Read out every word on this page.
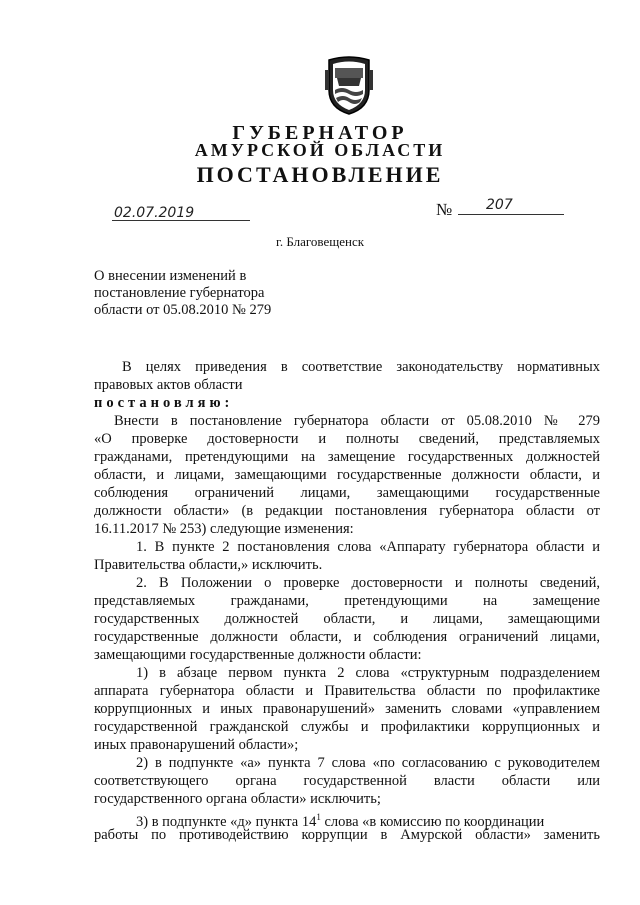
ГУБЕРНАТОР
АМУРСКОЙ ОБЛАСТИ
ПОСТАНОВЛЕНИЕ
02.07.2019	№ 207
г. Благовещенск
О внесении изменений в
постановление губернатора
области от 05.08.2010 № 279
В целях приведения в соответствие законодательству нормативных
правовых актов области
постановляю:
Внести в постановление губернатора области от 05.08.2010 № 279
«О проверке достоверности и полноты сведений, представляемых
гражданами, претендующими на замещение государственных должностей
области, и лицами, замещающими государственные должности области, и
соблюдения ограничений лицами, замещающими государственные
должности области» (в редакции постановления губернатора области от
16.11.2017 № 253) следующие изменения:
1. В пункте 2 постановления слова «Аппарату губернатора области и
Правительства области,» исключить.
2. В Положении о проверке достоверности и полноты сведений,
представляемых гражданами, претендующими на замещение
государственных должностей области, и лицами, замещающими
государственные должности области, и соблюдения ограничений лицами,
замещающими государственные должности области:
1) в абзаце первом пункта 2 слова «структурным подразделением
аппарата губернатора области и Правительства области по профилактике
коррупционных и иных правонарушений» заменить словами «управлением
государственной гражданской службы и профилактики коррупционных и
иных правонарушений области»;
2) в подпункте «а» пункта 7 слова «по согласованию с руководителем
соответствующего органа государственной власти области или
государственного органа области» исключить;
3) в подпункте «д» пункта $14^1$ слова «в комиссию по координации
работы по противодействию коррупции в Амурской области» заменить
